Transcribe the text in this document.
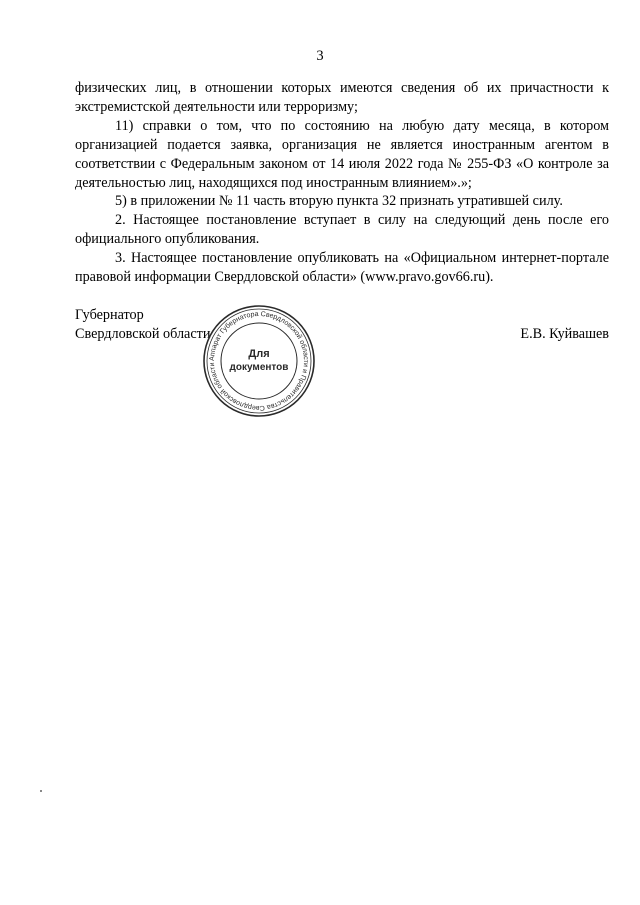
3

физических лиц, в отношении которых имеются сведения об их причастности к экстремистской деятельности или терроризму;

11) справки о том, что по состоянию на любую дату месяца, в котором организацией подается заявка, организация не является иностранным агентом в соответствии с Федеральным законом от 14 июля 2022 года № 255-ФЗ «О контроле за деятельностью лиц, находящихся под иностранным влиянием».»;

5) в приложении № 11 часть вторую пункта 32 признать утратившей силу.

2. Настоящее постановление вступает в силу на следующий день после его официального опубликования.

3. Настоящее постановление опубликовать на «Официальном интернет-портале правовой информации Свердловской области» (www.pravo.gov66.ru).

Губернатор
Свердловской области	Е.В. Куйвашев
Аппарат Губернатора Свердловской области и Правительства Свердловской области
Для
документов
